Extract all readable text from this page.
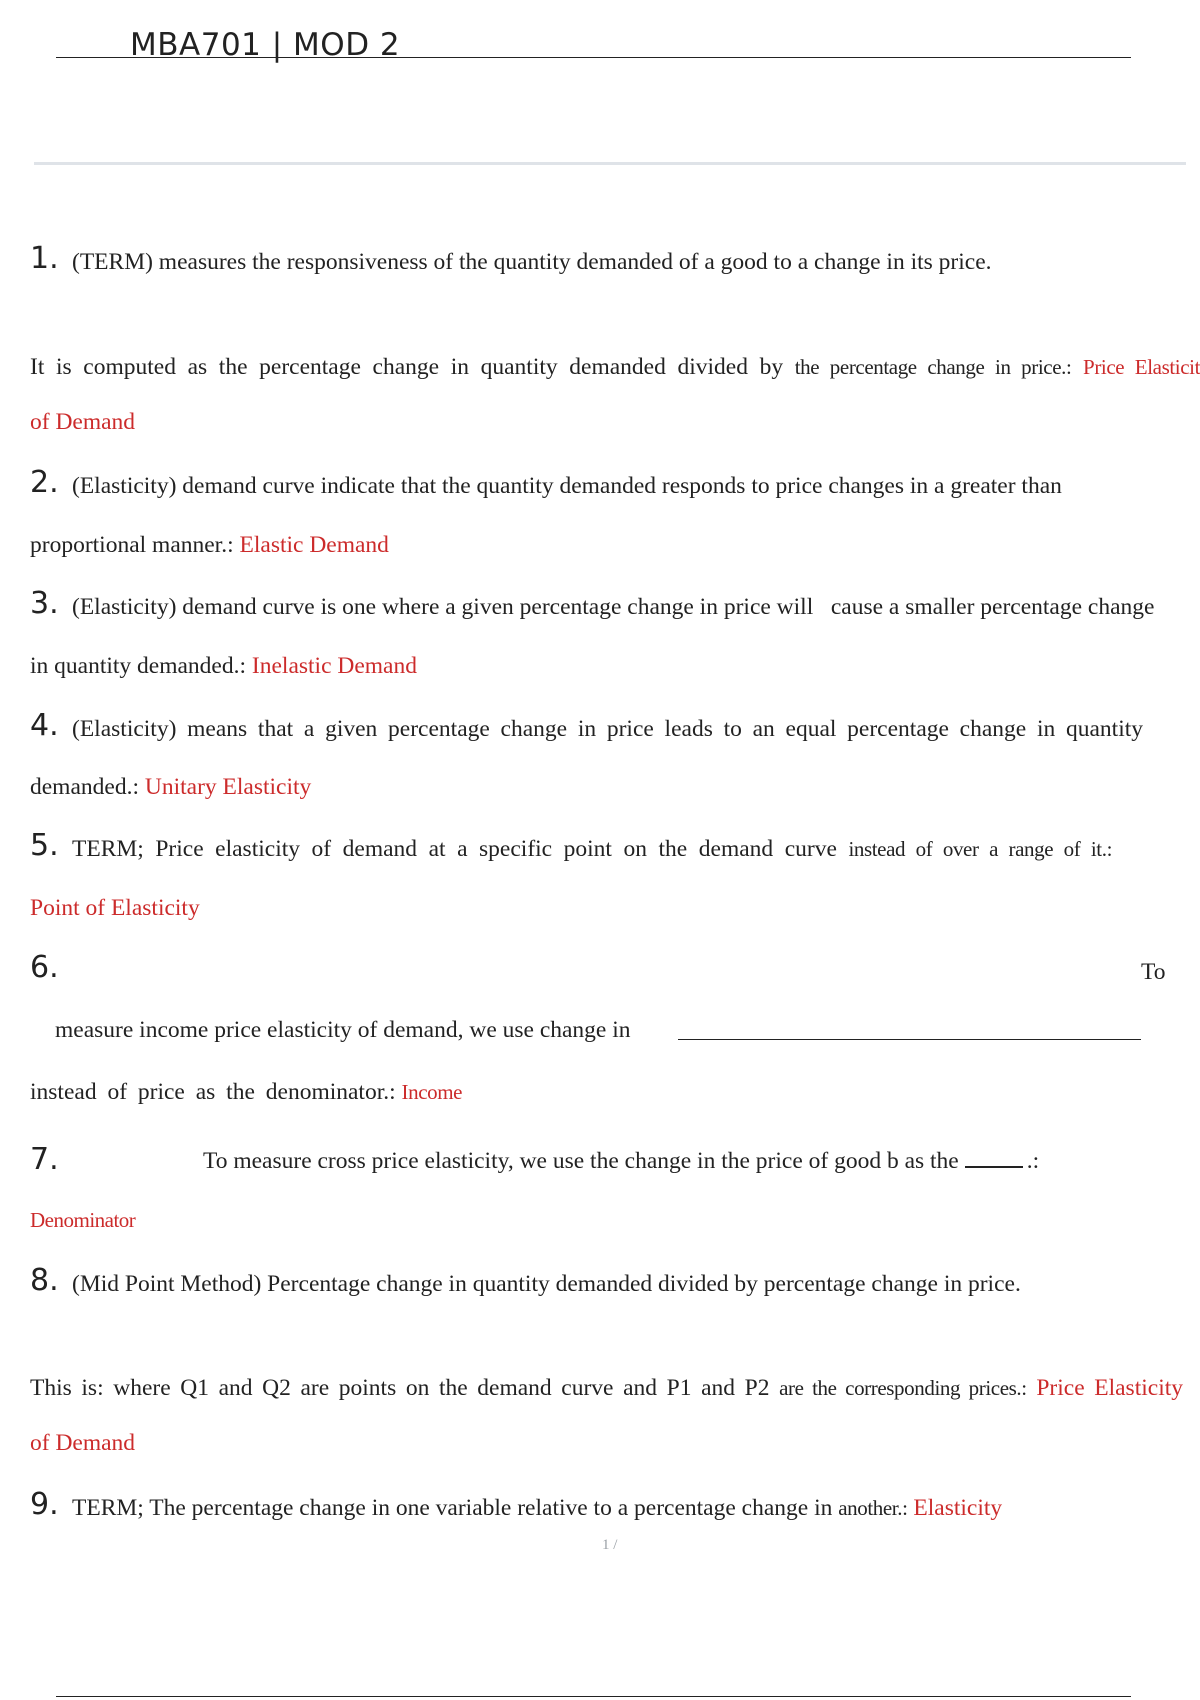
MBA701 | MOD 2
1. (TERM) measures the responsiveness of the quantity demanded of a good to a change in its price.
It is computed as the percentage change in quantity demanded divided by the percentage change in price.: Price Elasticit
of Demand
2. (Elasticity) demand curve indicate that the quantity demanded responds to price changes in a greater than
proportional manner.: Elastic Demand
3. (Elasticity) demand curve is one where a given percentage change in price will   cause a smaller percentage change
in quantity demanded.: Inelastic Demand
4. (Elasticity) means that a given percentage change in price leads to an equal percentage change in quantity
demanded.: Unitary Elasticity
5. TERM; Price elasticity of demand at a specific point on the demand curve instead of over a range of it.:
Point of Elasticity
6.	To
measure income price elasticity of demand, we use change in
instead of price as the denominator.: Income
7.	To measure cross price elasticity, we use the change in the price of good b as the	.:
Denominator
8. (Mid Point Method) Percentage change in quantity demanded divided by percentage change in price.
This is: where Q1 and Q2 are points on the demand curve and P1 and P2 are the corresponding prices.: Price Elasticity
of Demand
9. TERM; The percentage change in one variable relative to a percentage change in another.: Elasticity
1 /
